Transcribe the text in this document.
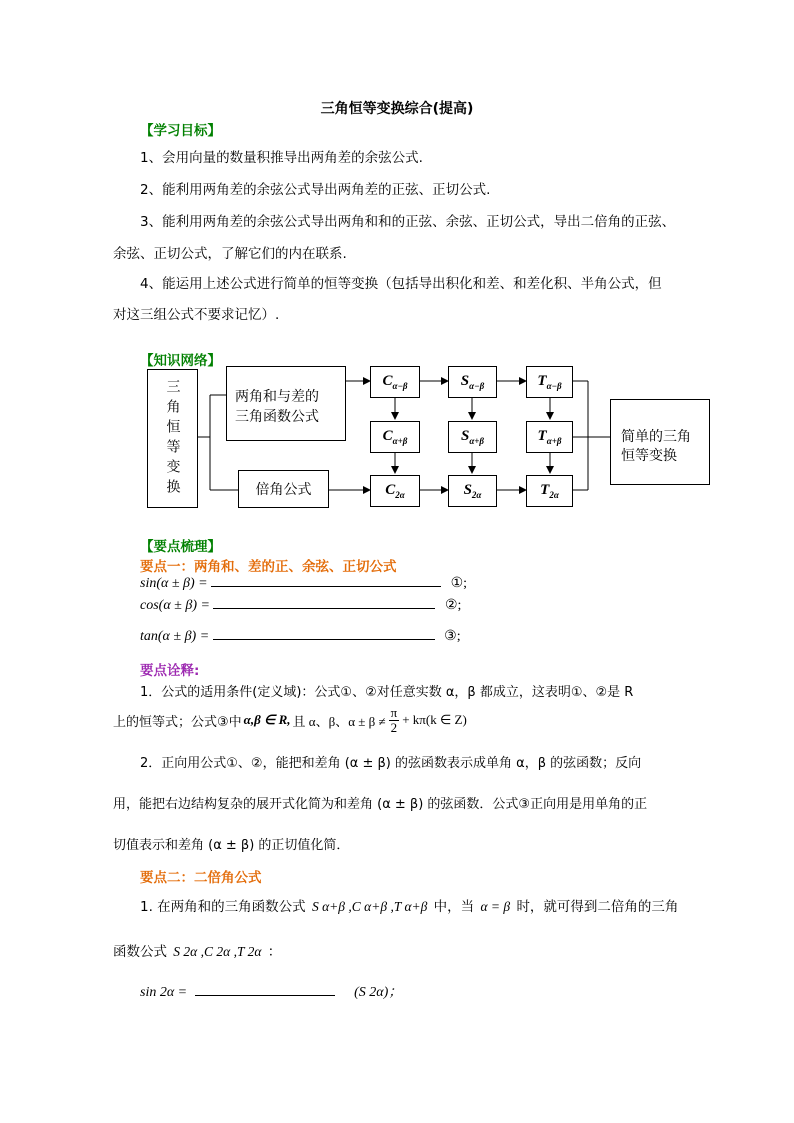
三角恒等变换综合(提高)
【学习目标】
1、会用向量的数量积推导出两角差的余弦公式.
2、能利用两角差的余弦公式导出两角差的正弦、正切公式.
3、能利用两角差的余弦公式导出两角和和的正弦、余弦、正切公式，导出二倍角的正弦、
余弦、正切公式，了解它们的内在联系.
4、能运用上述公式进行简单的恒等变换（包括导出积化和差、和差化积、半角公式，但
对这三组公式不要求记忆）.
【知识网络】
三角恒等变换	两角和与差的
三角函数公式
倍角公式
简单的三角
恒等变换
$C_{\alpha-\beta}$	$S_{\alpha-\beta}$	$T_{\alpha-\beta}$
$C_{\alpha+\beta}$	$S_{\alpha+\beta}$	$T_{\alpha+\beta}$
$C_{2\alpha}$	$S_{2\alpha}$	$T_{2\alpha}$
【要点梳理】
要点一：两角和、差的正、余弦、正切公式
sin(α ± β) =	①;
cos(α ± β) =	②;
tan(α ± β) =	③;
要点诠释:
1．公式的适用条件(定义域)：公式①、②对任意实数 α，β 都成立，这表明①、②是 R
上的恒等式；公式③中 α,β ∈ R, 且 α、β、$\alpha \pm \beta \ne \frac{\pi}{2} + k\pi(k$ ∈ Z)
2．正向用公式①、②，能把和差角 (α ± β) 的弦函数表示成单角 α，β 的弦函数；反向
用，能把右边结构复杂的展开式化简为和差角 (α ± β) 的弦函数．公式③正向用是用单角的正
切值表示和差角 (α ± β) 的正切值化简．
要点二：二倍角公式
1. 在两角和的三角函数公式 S α+β ,C α+β ,T α+β 中，当 α = β 时，就可得到二倍角的三角
函数公式 S 2α ,C 2α ,T 2α ：
sin 2α =	(S 2α)；
